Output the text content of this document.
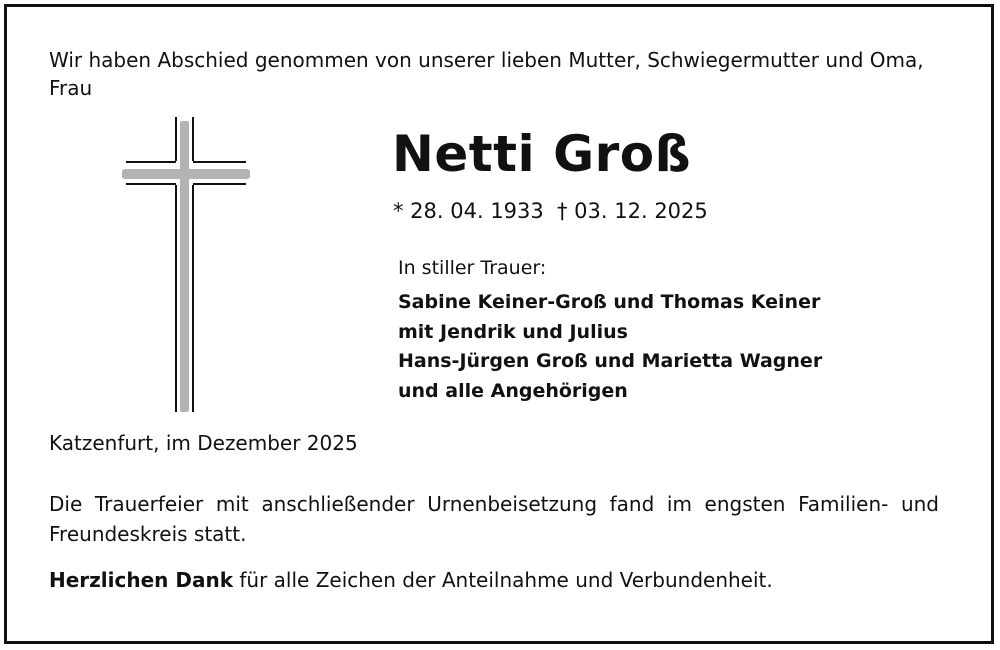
Wir haben Abschied genommen von unserer lieben Mutter, Schwiegermutter und Oma, Frau

Netti Groß
* 28. 04. 1933 † 03. 12. 2025
In stiller Trauer:
Sabine Keiner-Groß und Thomas Keiner
mit Jendrik und Julius
Hans-Jürgen Groß und Marietta Wagner
und alle Angehörigen
Katzenfurt, im Dezember 2025

Die Trauerfeier mit anschließender Urnenbeisetzung fand im engsten Familien- und Freundeskreis statt.

Herzlichen Dank für alle Zeichen der Anteilnahme und Verbundenheit.
